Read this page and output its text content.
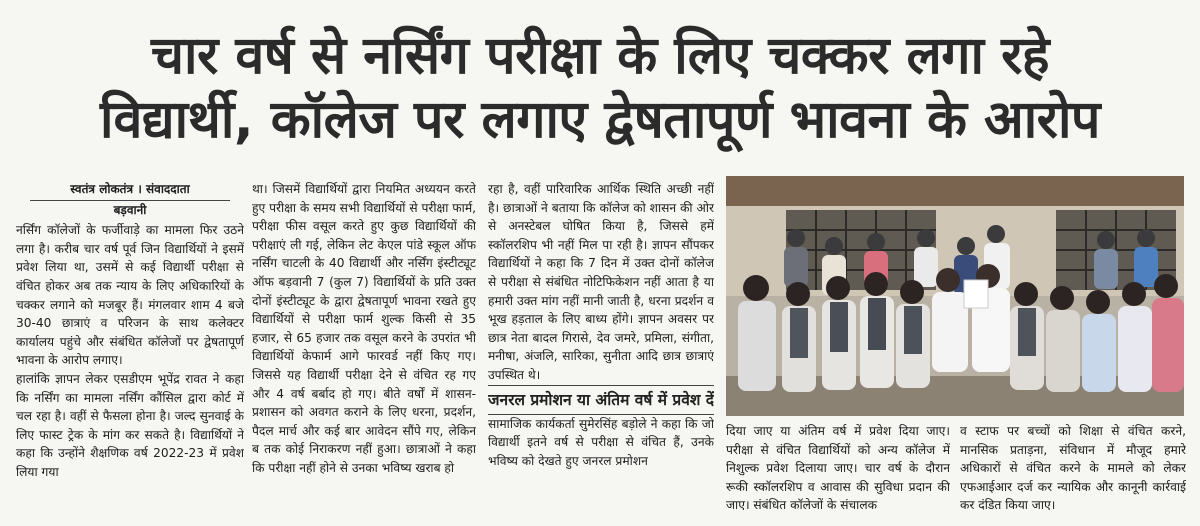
चार वर्ष से नर्सिंग परीक्षा के लिए चक्कर लगा रहे
विद्यार्थी, कॉलेज पर लगाए द्वेषतापूर्ण भावना के आरोप
स्वतंत्र लोकतंत्र । संवाददाता
बड़वानी

नर्सिंग कॉलेजों के फर्जीवाड़े का मामला फिर उठने लगा है। करीब चार वर्ष पूर्व जिन विद्यार्थियों ने इसमें प्रवेश लिया था, उसमें से कई विद्यार्थी परीक्षा से वंचित होकर अब तक न्याय के लिए अधिकारियों के चक्कर लगाने को मजबूर हैं। मंगलवार शाम 4 बजे 30-40 छात्राएं व परिजन के साथ कलेक्टर कार्यालय पहुंचे और संबंधित कॉलेजों पर द्वेषतापूर्ण भावना के आरोप लगाए।

हालांकि ज्ञापन लेकर एसडीएम भूपेंद्र रावत ने कहा कि नर्सिंग का मामला नर्सिंग कौंसिल द्वारा कोर्ट में चल रहा है। वहीं से फैसला होना है। जल्द सुनवाई के लिए फास्ट ट्रेक के मांग कर सकते है। विद्यार्थियों ने कहा कि उन्होंने शैक्षणिक वर्ष 2022-23 में प्रवेश लिया गया

था। जिसमें विद्यार्थियों द्वारा नियमित अध्ययन करते हुए परीक्षा के समय सभी विद्यार्थियों से परीक्षा फार्म, परीक्षा फीस वसूल करते हुए कुछ विद्यार्थियों की परीक्षाएं ली गई, लेकिन लेट केएल पांडे स्कूल ऑफ नर्सिंग चाटली के 40 विद्यार्थी और नर्सिंग इंस्टीट्यूट ऑफ बड़वानी 7 (कुल 7) विद्यार्थियों के प्रति उक्त दोनों इंस्टीट्यूट के द्वारा द्वेषतापूर्ण भावना रखते हुए विद्यार्थियों से परीक्षा फार्म शुल्क किसी से 35 हजार, से 65 हजार तक वसूल करने के उपरांत भी विद्यार्थियों केफार्म आगे फारवर्ड नहीं किए गए। जिससे यह विद्यार्थी परीक्षा देने से वंचित रह गए और 4 वर्ष बर्बाद हो गए। बीते वर्षों में शासन-प्रशासन को अवगत कराने के लिए धरना, प्रदर्शन, पैदल मार्च और कई बार आवेदन सौंपे गए, लेकिन ब तक कोई निराकरण नहीं हुआ। छात्राओं ने कहा कि परीक्षा नहीं होने से उनका भविष्य खराब हो

रहा है, वहीं पारिवारिक आर्थिक स्थिति अच्छी नहीं है। छात्राओं ने बताया कि कॉलेज को शासन की ओर से अनस्टेबल घोषित किया है, जिससे हमें स्कॉलरशिप भी नहीं मिल पा रही है। ज्ञापन सौंपकर विद्यार्थियों ने कहा कि 7 दिन में उक्त दोनों कॉलेज से परीक्षा से संबंधित नोटिफिकेशन नहीं आता है या हमारी उक्त मांग नहीं मानी जाती है, धरना प्रदर्शन व भूख हड़ताल के लिए बाध्य होंगे। ज्ञापन अवसर पर छात्र नेता बादल गिरासे, देव जमरे, प्रमिला, संगीता, मनीषा, अंजलि, सारिका, सुनीता आदि छात्र छात्राएं उपस्थित थे।

जनरल प्रमोशन या अंतिम वर्ष में प्रवेश दें

सामाजिक कार्यकर्ता सुमेरसिंह बड़ोले ने कहा कि जो विद्यार्थी इतने वर्ष से परीक्षा से वंचित हैं, उनके भविष्य को देखते हुए जनरल प्रमोशन

दिया जाए या अंतिम वर्ष में प्रवेश दिया जाए। परीक्षा से वंचित विद्यार्थियों को अन्य कॉलेज में निशुल्क प्रवेश दिलाया जाए। चार वर्ष के दौरान रूकी स्कॉलरशिप व आवास की सुविधा प्रदान की जाए। संबंधित कॉलेजों के संचालक

व स्टाफ पर बच्चों को शिक्षा से वंचित करने, मानसिक प्रताड़ना, संविधान में मौजूद हमारे अधिकारों से वंचित करने के मामले को लेकर एफआईआर दर्ज कर न्यायिक और कानूनी कार्रवाई कर दंडित किया जाए।
